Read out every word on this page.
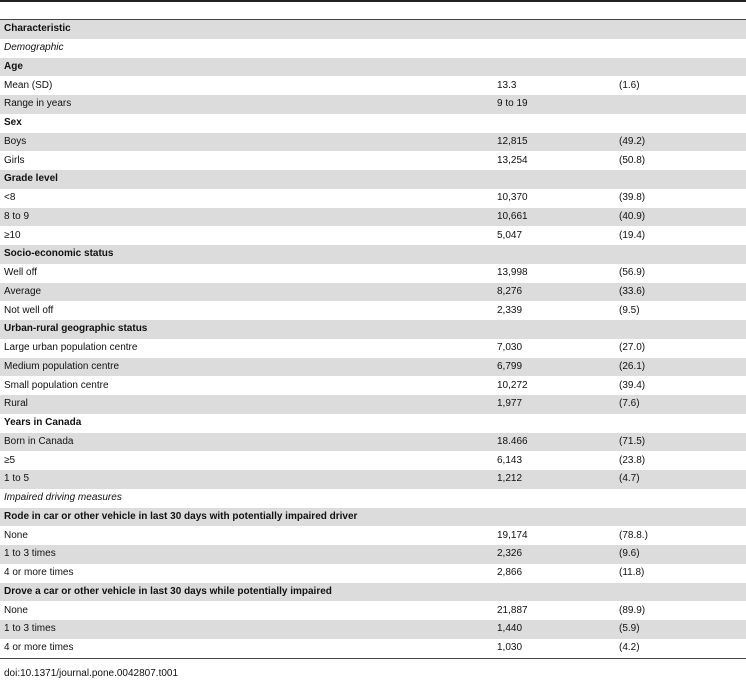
Characteristic		
Demographic		
Age		
Mean (SD)	13.3	(1.6)
Range in years	9 to 19	
Sex		
Boys	12,815	(49.2)
Girls	13,254	(50.8)
Grade level		
<8	10,370	(39.8)
8 to 9	10,661	(40.9)
≥10	5,047	(19.4)
Socio-economic status		
Well off	13,998	(56.9)
Average	8,276	(33.6)
Not well off	2,339	(9.5)
Urban-rural geographic status		
Large urban population centre	7,030	(27.0)
Medium population centre	6,799	(26.1)
Small population centre	10,272	(39.4)
Rural	1,977	(7.6)
Years in Canada		
Born in Canada	18.466	(71.5)
≥5	6,143	(23.8)
1 to 5	1,212	(4.7)
Impaired driving measures		
Rode in car or other vehicle in last 30 days with potentially impaired driver		
None	19,174	(78.8.)
1 to 3 times	2,326	(9.6)
4 or more times	2,866	(11.8)
Drove a car or other vehicle in last 30 days while potentially impaired		
None	21,887	(89.9)
1 to 3 times	1,440	(5.9)
4 or more times	1,030	(4.2)
doi:10.1371/journal.pone.0042807.t001
